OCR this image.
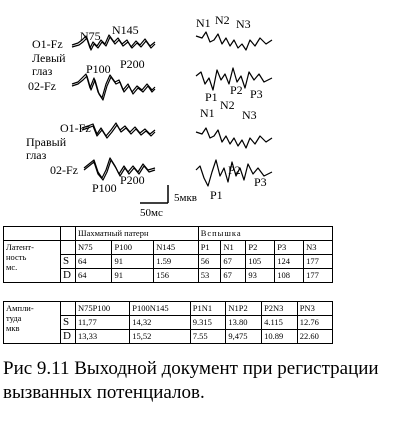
O1-Fz
Левый
глаз
02-Fz
N75 N145
P100 P200
O1-Fz
Правый
глаз
02-Fz
P100
P200
N1 N2 N3
P1 P2 P3
N1
N2
N3
P1
P2
P3
5мкв
50мс
		Шахматный патерн			Вспышка				
Латент-
ность
мс.		N75	P100	N145	P1	N1	P2	P3	N3
	S	64	91	1.59	56	67	105	124	177
	D	64	91	156	53	67	93	108	177
Ампли-
туда
мкв		N75P100	P100N145	P1N1	N1P2	P2N3	PN3
	S	11,77	14,32	9.315	13.80	4.115	12.76
	D	13,33	15,52	7.55	9,475	10.89	22.60
Рис 9.11 Выходной документ при регистрации вызванных потенциалов.
